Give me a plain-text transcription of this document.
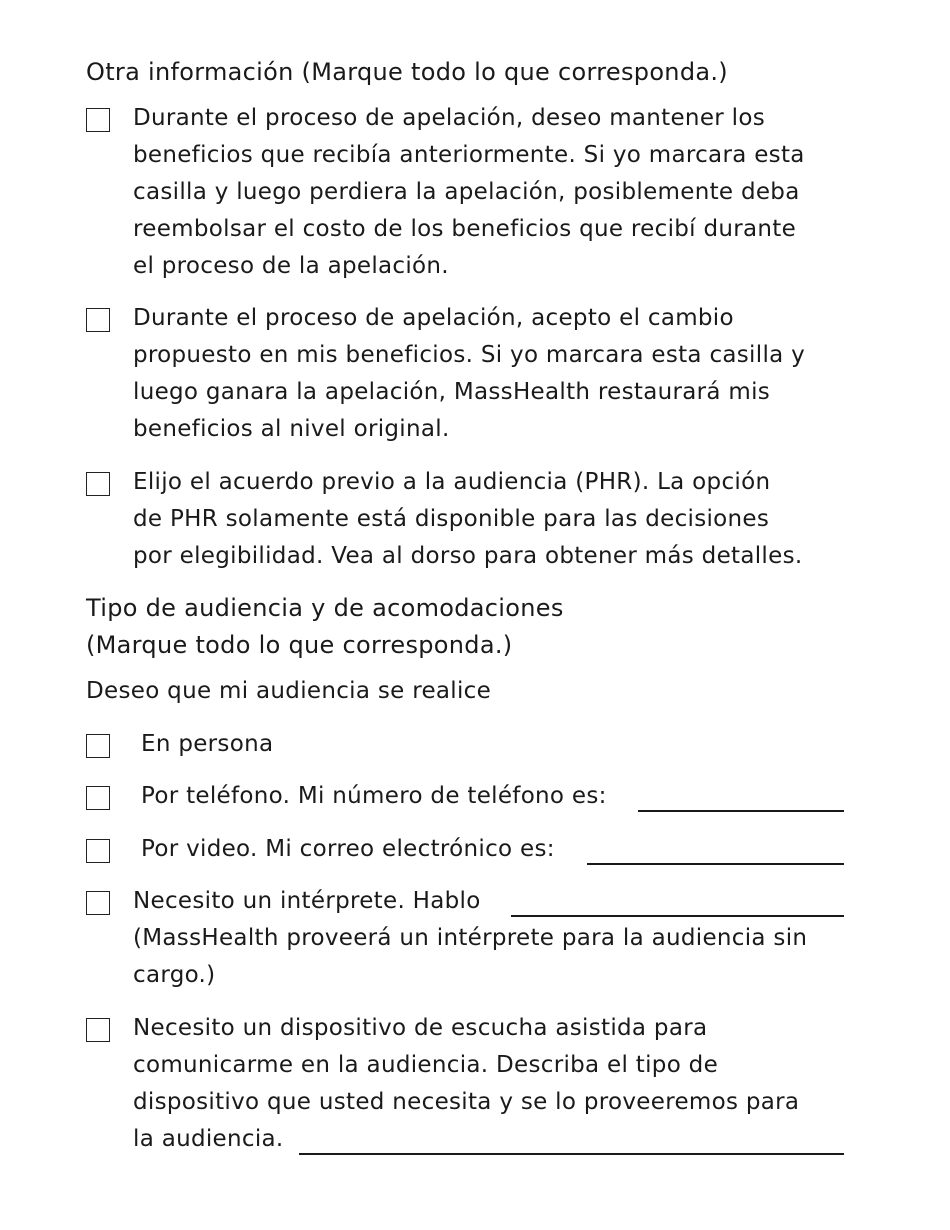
Otra información (Marque todo lo que corresponda.)
Durante el proceso de apelación, deseo mantener los
beneficios que recibía anteriormente. Si yo marcara esta
casilla y luego perdiera la apelación, posiblemente deba
reembolsar el costo de los beneficios que recibí durante
el proceso de la apelación.
Durante el proceso de apelación, acepto el cambio
propuesto en mis beneficios. Si yo marcara esta casilla y
luego ganara la apelación, MassHealth restaurará mis
beneficios al nivel original.
Elijo el acuerdo previo a la audiencia (PHR). La opción
de PHR solamente está disponible para las decisiones
por elegibilidad. Vea al dorso para obtener más detalles.
Tipo de audiencia y de acomodaciones
(Marque todo lo que corresponda.)
Deseo que mi audiencia se realice
En persona
Por teléfono. Mi número de teléfono es:
Por video. Mi correo electrónico es:
Necesito un intérprete. Hablo
(MassHealth proveerá un intérprete para la audiencia sin
cargo.)
Necesito un dispositivo de escucha asistida para
comunicarme en la audiencia. Describa el tipo de
dispositivo que usted necesita y se lo proveeremos para
la audiencia.
